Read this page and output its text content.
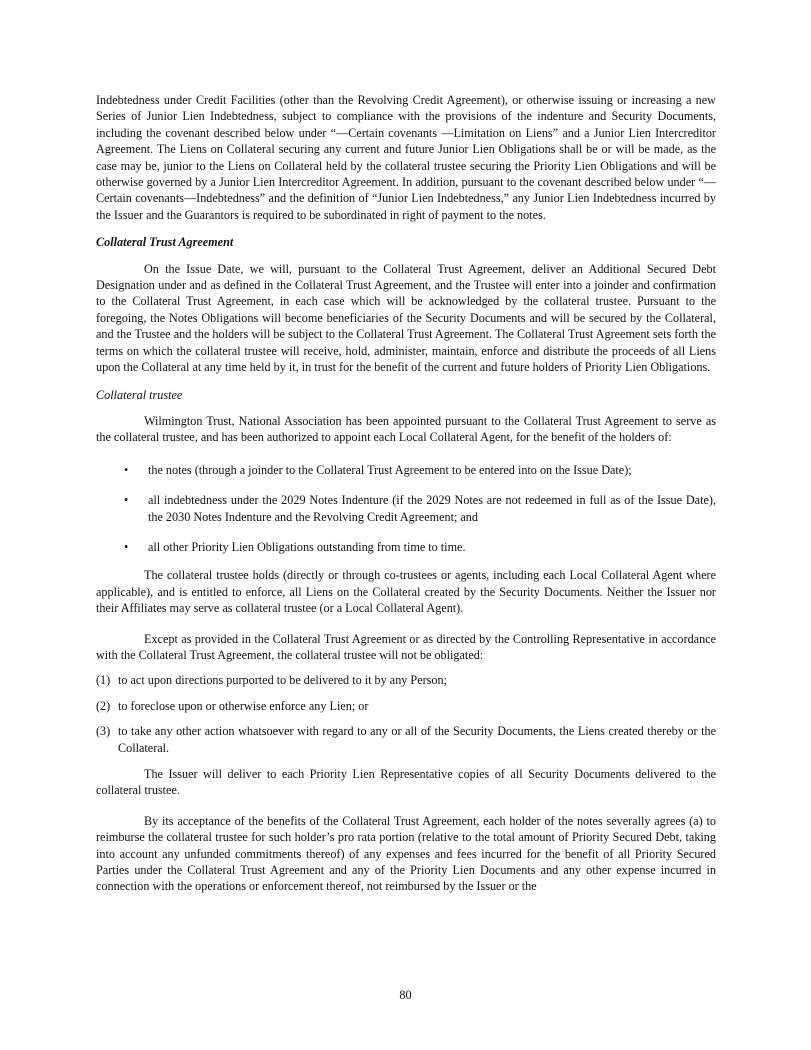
Indebtedness under Credit Facilities (other than the Revolving Credit Agreement), or otherwise issuing or increasing a new Series of Junior Lien Indebtedness, subject to compliance with the provisions of the indenture and Security Documents, including the covenant described below under “—Certain covenants —Limitation on Liens” and a Junior Lien Intercreditor Agreement. The Liens on Collateral securing any current and future Junior Lien Obligations shall be or will be made, as the case may be, junior to the Liens on Collateral held by the collateral trustee securing the Priority Lien Obligations and will be otherwise governed by a Junior Lien Intercreditor Agreement. In addition, pursuant to the covenant described below under “—Certain covenants—Indebtedness” and the definition of “Junior Lien Indebtedness,” any Junior Lien Indebtedness incurred by the Issuer and the Guarantors is required to be subordinated in right of payment to the notes.

Collateral Trust Agreement

On the Issue Date, we will, pursuant to the Collateral Trust Agreement, deliver an Additional Secured Debt Designation under and as defined in the Collateral Trust Agreement, and the Trustee will enter into a joinder and confirmation to the Collateral Trust Agreement, in each case which will be acknowledged by the collateral trustee. Pursuant to the foregoing, the Notes Obligations will become beneficiaries of the Security Documents and will be secured by the Collateral, and the Trustee and the holders will be subject to the Collateral Trust Agreement. The Collateral Trust Agreement sets forth the terms on which the collateral trustee will receive, hold, administer, maintain, enforce and distribute the proceeds of all Liens upon the Collateral at any time held by it, in trust for the benefit of the current and future holders of Priority Lien Obligations.

Collateral trustee

Wilmington Trust, National Association has been appointed pursuant to the Collateral Trust Agreement to serve as the collateral trustee, and has been authorized to appoint each Local Collateral Agent, for the benefit of the holders of:

•	the notes (through a joinder to the Collateral Trust Agreement to be entered into on the Issue Date);
•	all indebtedness under the 2029 Notes Indenture (if the 2029 Notes are not redeemed in full as of the Issue Date), the 2030 Notes Indenture and the Revolving Credit Agreement; and
•	all other Priority Lien Obligations outstanding from time to time.

The collateral trustee holds (directly or through co-trustees or agents, including each Local Collateral Agent where applicable), and is entitled to enforce, all Liens on the Collateral created by the Security Documents. Neither the Issuer nor their Affiliates may serve as collateral trustee (or a Local Collateral Agent).

Except as provided in the Collateral Trust Agreement or as directed by the Controlling Representative in accordance with the Collateral Trust Agreement, the collateral trustee will not be obligated:

(1) to act upon directions purported to be delivered to it by any Person;
(2) to foreclose upon or otherwise enforce any Lien; or
(3) to take any other action whatsoever with regard to any or all of the Security Documents, the Liens created thereby or the Collateral.

The Issuer will deliver to each Priority Lien Representative copies of all Security Documents delivered to the collateral trustee.

By its acceptance of the benefits of the Collateral Trust Agreement, each holder of the notes severally agrees (a) to reimburse the collateral trustee for such holder’s pro rata portion (relative to the total amount of Priority Secured Debt, taking into account any unfunded commitments thereof) of any expenses and fees incurred for the benefit of all Priority Secured Parties under the Collateral Trust Agreement and any of the Priority Lien Documents and any other expense incurred in connection with the operations or enforcement thereof, not reimbursed by the Issuer or the

80
